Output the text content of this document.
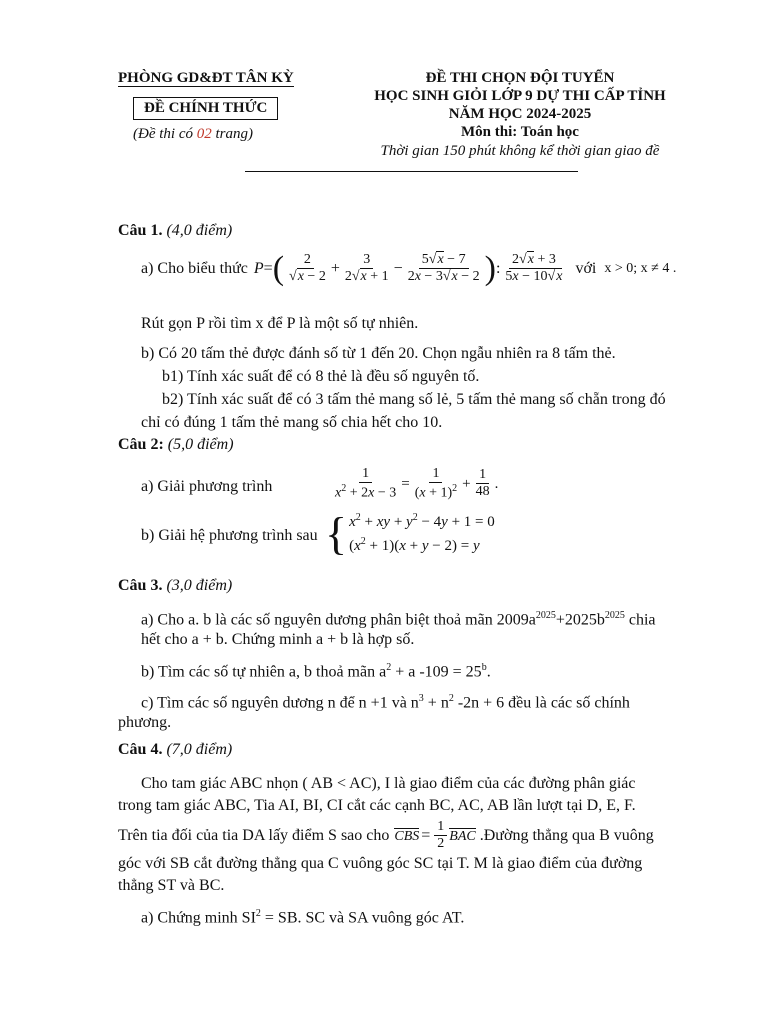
PHÒNG GD&ĐT TÂN KỲ
ĐỀ CHÍNH THỨC
(Đề thi có 02 trang)
ĐỀ THI CHỌN ĐỘI TUYỂN
HỌC SINH GIỎI LỚP 9 DỰ THI CẤP TỈNH
NĂM HỌC 2024-2025
Môn thi: Toán học
Thời gian 150 phút không kể thời gian giao đề
Câu 1. (4,0 điểm)
a) Cho biểu thức P = ( $\frac{2}{√x - 2} + \frac{3}{2√x + 1} - \frac{5√x - 7}{2x - 3√x - 2}$ ) : $\frac{2√x + 3}{5x - 10√x}$ với x > 0; x ≠ 4 .
Rút gọn P rồi tìm x để P là một số tự nhiên.
b) Có 20 tấm thẻ được đánh số từ 1 đến 20. Chọn ngẫu nhiên ra 8 tấm thẻ.
b1) Tính xác suất để có 8 thẻ là đều số nguyên tố.
b2) Tính xác suất để có 3 tấm thẻ mang số lẻ, 5 tấm thẻ mang số chẵn trong đó
chỉ có đúng 1 tấm thẻ mang số chia hết cho 10.
Câu 2: (5,0 điểm)
a) Giải phương trình	$\frac{1}{x^2 + 2x - 3} = \frac{1}{(x + 1)^2} + \frac{1}{48}$ .
b) Giải hệ phương trình sau { $x^2$ + xy + $y^2 - 4y + 1 = 0$
$(x^2 + 1)(x + y - 2) = y$
Câu 3. (3,0 điểm)
a) Cho a. b là các số nguyên dương phân biệt thoả mãn $2009a^{2025}+2025b^{2025}$ chia
hết cho a + b. Chứng minh a + b là hợp số.
b) Tìm các số tự nhiên a, b thoả mãn $a^2 + a$ $-109 = 25^b$.
c) Tìm các số nguyên dương n để n +1 và $n^3 + n^2$ -2n + 6 đều là các số chính
phương.
Câu 4. (7,0 điểm)
Cho tam giác ABC nhọn ( AB < AC), I là giao điểm của các đường phân giác
trong tam giác ABC, Tia AI, BI, CI cắt các cạnh BC, AC, AB lần lượt tại D, E, F.
Trên tia đối của tia DA lấy điểm S sao cho CBS = $\frac{1}{2}$ BAC .Đường thẳng qua B vuông
góc với SB cắt đường thẳng qua C vuông góc SC tại T. M là giao điểm của đường
thẳng ST và BC.
a) Chứng minh $SI^2$ = SB. SC và SA vuông góc AT.
